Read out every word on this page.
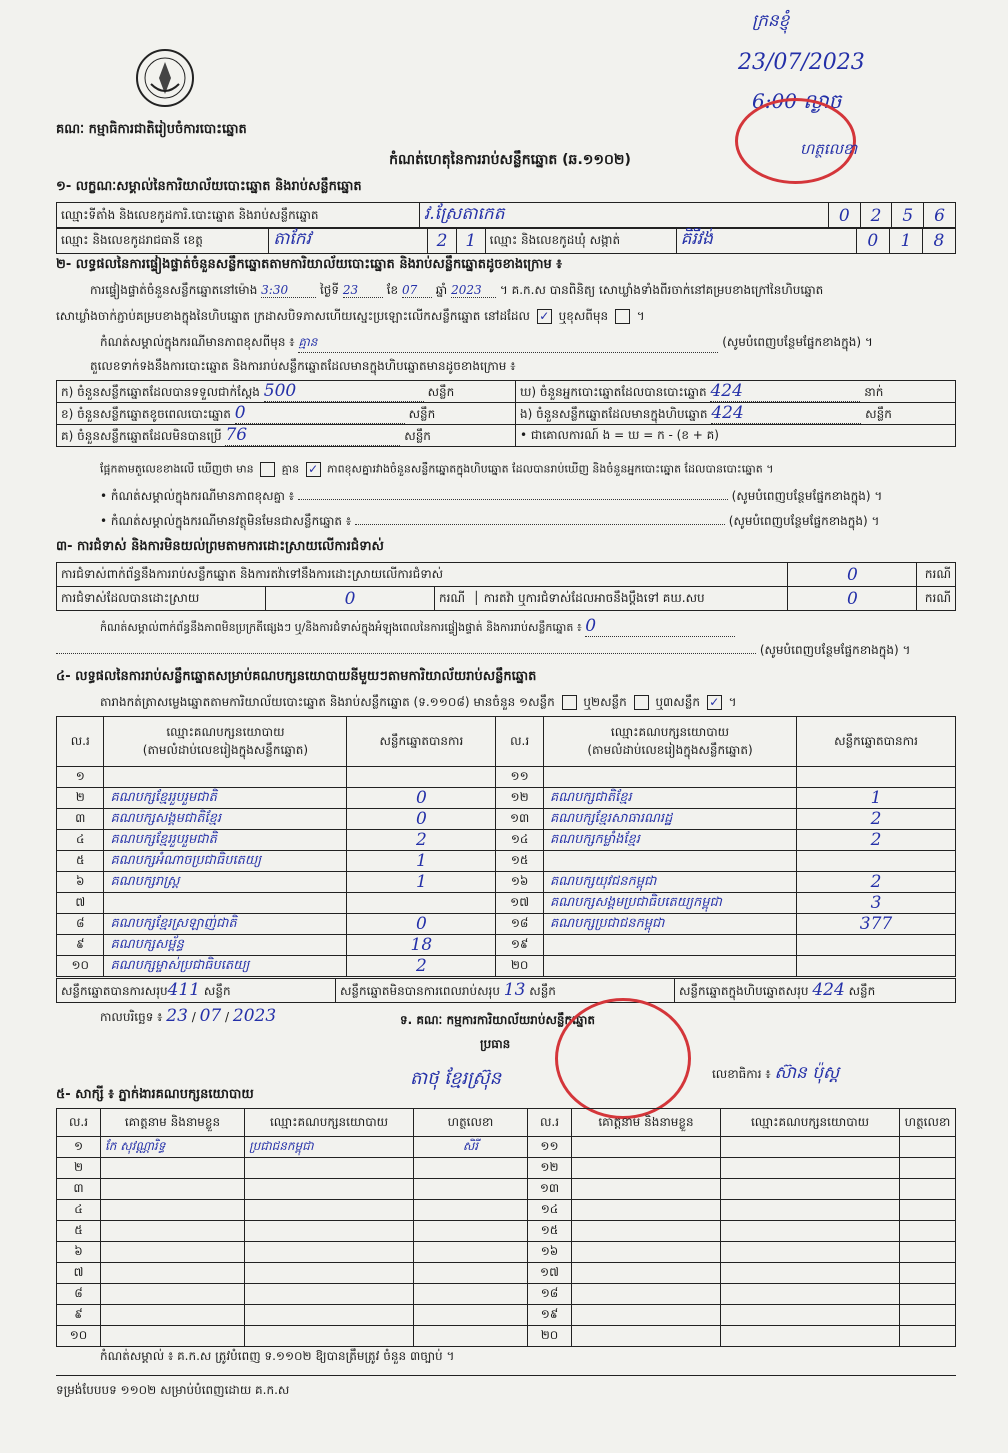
គណៈ កម្មាធិការជាតិរៀបចំការបោះឆ្នោត
កំណត់ហេតុនៃការរាប់សន្លឹកឆ្នោត (ឆ.១១០២)
ក្រនខ្ញុំ
23/07/2023
6:00 ល្ងាច
ហត្ថលេខា
១- លក្ខណៈសម្គាល់នៃការិយាល័យបោះឆ្នោត និងរាប់សន្លឹកឆ្នោត
ឈ្មោះទីតាំង និងលេខកូដការិ.បោះឆ្នោត និងរាប់សន្លឹកឆ្នោត	វ.ស្រែតាកេត	0	2	5	6
ឈ្មោះ និងលេខកូដរាជធានី ខេត្ត	តាកែវ	2	1	ឈ្មោះ និងលេខកូដឃុំ សង្កាត់	គិរីវង់	0	1	8
២- លទ្ធផលនៃការផ្ទៀងផ្ទាត់ចំនួនសន្លឹកឆ្នោតតាមការិយាល័យបោះឆ្នោត និងរាប់សន្លឹកឆ្នោតដូចខាងក្រោម ៖
ការផ្ទៀងផ្ទាត់ចំនួនសន្លឹកឆ្នោតនៅម៉ោង 3:30	ថ្ងៃទី 23 ខែ 07 ឆ្នាំ 2023 ។ គ.ក.ស បានពិនិត្យ សោឃ្លាំងទាំងពីរចាក់នៅគម្របខាងក្រៅនៃហិបឆ្នោត
សោឃ្លាំងចាក់ភ្ជាប់គម្របខាងក្នុងនៃហិបឆ្នោត ក្រដាសបិទភាសហើយស្នេះប្រឡោះលើកសន្លឹកឆ្នោត នៅដដែល ✓ ឬខុសពីមុន  ។
កំណត់សម្គាល់ក្នុងករណីមានភាពខុសពីមុន ៖ គ្មាន	(សូមបំពេញបន្ថែមផ្នែកខាងក្នុង) ។
តួលេខទាក់ទងនឹងការបោះឆ្នោត និងការរាប់សន្លឹកឆ្នោតដែលមានក្នុងហិបឆ្នោតមានដូចខាងក្រោម ៖
ក) ចំនួនសន្លឹកឆ្នោតដែលបានទទួលជាក់ស្តែង 500 សន្លឹក	ឃ) ចំនួនអ្នកបោះឆ្នោតដែលបានបោះឆ្នោត 424 នាក់
ខ) ចំនួនសន្លឹកឆ្នោតខូចពេលបោះឆ្នោត 0 សន្លឹក	ង) ចំនួនសន្លឹកឆ្នោតដែលមានក្នុងហិបឆ្នោត 424 សន្លឹក
គ) ចំនួនសន្លឹកឆ្នោតដែលមិនបានប្រើ 76 សន្លឹក	• ជាគោលការណ៍ ង = ឃ = ក - (ខ + គ)
ផ្អែកតាមតួលេខខាងលើ ឃើញថា មាន	គ្មាន ✓ ភាពខុសគ្នារវាងចំនួនសន្លឹកឆ្នោតក្នុងហិបឆ្នោត ដែលបានរាប់ឃើញ និងចំនួនអ្នកបោះឆ្នោត ដែលបានបោះឆ្នោត ។
• កំណត់សម្គាល់ក្នុងករណីមានភាពខុសគ្នា ៖	(សូមបំពេញបន្ថែមផ្នែកខាងក្នុង) ។
• កំណត់សម្គាល់ក្នុងករណីមានវត្ថុមិនមែនជាសន្លឹកឆ្នោត ៖	(សូមបំពេញបន្ថែមផ្នែកខាងក្នុង) ។
៣- ការជំទាស់ និងការមិនយល់ព្រមតាមការដោះស្រាយលើការជំទាស់
ការជំទាស់ពាក់ព័ន្ធនឹងការរាប់សន្លឹកឆ្នោត និងការតវ៉ាទៅនឹងការដោះស្រាយលើការជំទាស់			0	ករណី
ការជំទាស់ដែលបានដោះស្រាយ	0	ករណី  │ ការតវ៉ា ឬការជំទាស់ដែលអាចនឹងប្តឹងទៅ គឃ.សប	0	ករណី
កំណត់សម្គាល់ពាក់ព័ន្ធនឹងភាពមិនប្រក្រតីផ្សេងៗ ឬ/និងការជំទាស់ក្នុងអំឡុងពេលនៃការផ្ទៀងផ្ទាត់ និងការរាប់សន្លឹកឆ្នោត ៖ 0
(សូមបំពេញបន្ថែមផ្នែកខាងក្នុង) ។
៤- លទ្ធផលនៃការរាប់សន្លឹកឆ្នោតសម្រាប់គណបក្សនយោបាយនីមួយៗតាមការិយាល័យរាប់សន្លឹកឆ្នោត
តារាងកត់ត្រាសម្លេងឆ្នោតតាមការិយាល័យបោះឆ្នោត និងរាប់សន្លឹកឆ្នោត (ទ.១១០៨) មានចំនួន ១សន្លឹក ឬ២សន្លឹក ឬ៣សន្លឹក ✓ ។
ល.រ	ឈ្មោះគណបក្សនយោបាយ
(តាមលំដាប់លេខរៀងក្នុងសន្លឹកឆ្នោត)	សន្លឹកឆ្នោតបានការ	ល.រ	ឈ្មោះគណបក្សនយោបាយ
(តាមលំដាប់លេខរៀងក្នុងសន្លឹកឆ្នោត)	សន្លឹកឆ្នោតបានការ
១			១១		
២	គណបក្សខ្មែររួបរួមជាតិ	0	១២	គណបក្សជាតិខ្មែរ	1
៣	គណបក្សសង្គមជាតិខ្មែរ	0	១៣	គណបក្សខ្មែរសាធារណរដ្ឋ	2
៤	គណបក្សខ្មែររួបរួមជាតិ	2	១៤	គណបក្សកម្លាំងខ្មែរ	2
៥	គណបក្សអំណាចប្រជាធិបតេយ្យ	1	១៥		
៦	គណបក្សរាស្ត្រ	1	១៦	គណបក្សយុវជនកម្ពុជា	2
៧			១៧	គណបក្សសង្គមប្រជាធិបតេយ្យកម្ពុជា	3
៨	គណបក្សខ្មែរស្រឡាញ់ជាតិ	0	១៨	គណបក្សប្រជាជនកម្ពុជា	377
៩	គណបក្សសម្ព័ន្ធ	18	១៩		
១០	គណបក្សម្ចាស់ប្រជាធិបតេយ្យ	2	២០		
សន្លឹកឆ្នោតបានការសរុប411 សន្លឹក	សន្លឹកឆ្នោតមិនបានការពេលរាប់សរុប 13 សន្លឹក	សន្លឹកឆ្នោតក្នុងហិបឆ្នោតសរុប 424 សន្លឹក
កាលបរិច្ឆេទ ៖ 23 / 07 / 2023	ទ. គណៈ កម្មការការិយាល័យរាប់សន្លឹកឆ្នោត
ប្រធាន
តាថុ ខ្មែរស្រ៊ុន	លេខាធិការ ៖ ស៊ាន ប៉ុស្ត
៥- សាក្សី ៖ ភ្នាក់ងារគណបក្សនយោបាយ
ល.រ	គោត្តនាម និងនាមខ្លួន	ឈ្មោះគណបក្សនយោបាយ	ហត្ថលេខា	ល.រ	គោត្តនាម និងនាមខ្លួន	ឈ្មោះគណបក្សនយោបាយ	ហត្ថលេខា
១	កែ សុវណ្ណារិទ្ធ	ប្រជាជនកម្ពុជា	សិរី	១១			
២				១២			
៣				១៣			
៤				១៤			
៥				១៥			
៦				១៦			
៧				១៧			
៨				១៨			
៩				១៩			
១០				២០			
កំណត់សម្គាល់ ៖ គ.ក.ស ត្រូវបំពេញ ទ.១១០២ ឱ្យបានត្រឹមត្រូវ ចំនួន ៣ច្បាប់ ។
ទម្រង់បែបបទ ១១០២ សម្រាប់បំពេញដោយ គ.ក.ស
